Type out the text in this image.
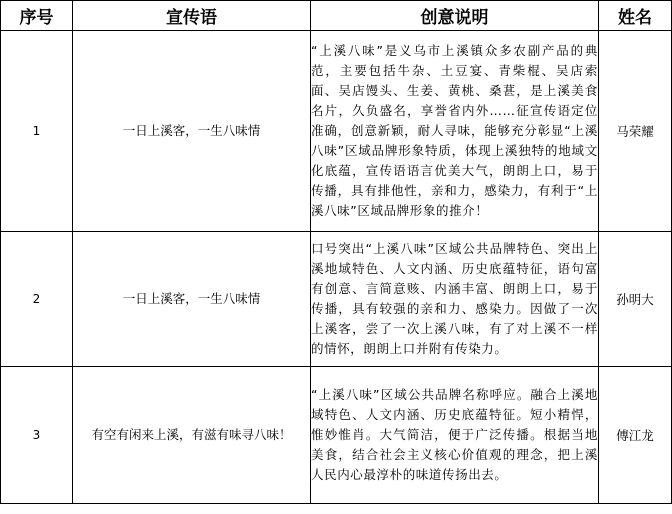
序号	宣传语	创意说明	姓名
1	一日上溪客，一生八味情	“上溪八味”是义乌市上溪镇众多农副产品的典范，主要包括牛杂、土豆宴、青柴棍、吴店索面、吴店馒头、生姜、黄桃、桑葚，是上溪美食名片，久负盛名，享誉省内外……征宣传语定位准确，创意新颖，耐人寻味，能够充分彰显“上溪八味”区域品牌形象特质，体现上溪独特的地域文化底蕴，宣传语语言优美大气，朗朗上口，易于传播，具有排他性，亲和力，感染力，有利于“上溪八味”区域品牌形象的推介！	马荣耀
2	一日上溪客，一生八味情	口号突出“上溪八味”区域公共品牌特色、突出上溪地域特色、人文内涵、历史底蕴特征，语句富有创意、言简意赅、内涵丰富、朗朗上口，易于传播，具有较强的亲和力、感染力。因做了一次上溪客，尝了一次上溪八味，有了对上溪不一样的情怀，朗朗上口并附有传染力。	孙明大
3	有空有闲来上溪，有滋有味寻八味！	“上溪八味”区域公共品牌名称呼应。融合上溪地域特色、人文内涵、历史底蕴特征。短小精悍，惟妙惟肖。大气简洁，便于广泛传播。根据当地美食，结合社会主义核心价值观的理念，把上溪人民内心最淳朴的味道传扬出去。	傅江龙
